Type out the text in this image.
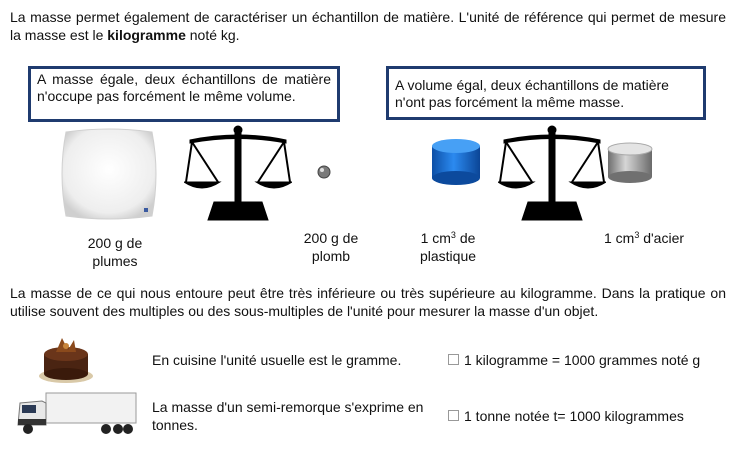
La masse permet également de caractériser un échantillon de matière. L'unité de référence qui permet de mesure la masse est le kilogramme noté kg.
A masse égale, deux échantillons de matière n'occupe pas forcément le même volume.
A volume égal, deux échantillons de matière n'ont pas forcément la même masse.
200 g de
plumes
200 g de
plomb
1 $cm^3$ de
plastique
1 $cm^3$ d'acier
La masse de ce qui nous entoure peut être très inférieure ou très supérieure au kilogramme. Dans la pratique on utilise souvent des multiples ou des sous-multiples de l'unité pour mesurer la masse d'un objet.
En cuisine l'unité usuelle est le gramme.	1 kilogramme = 1000 grammes noté g
La masse d'un semi-remorque s'exprime en tonnes.
1 tonne notée t= 1000 kilogrammes
